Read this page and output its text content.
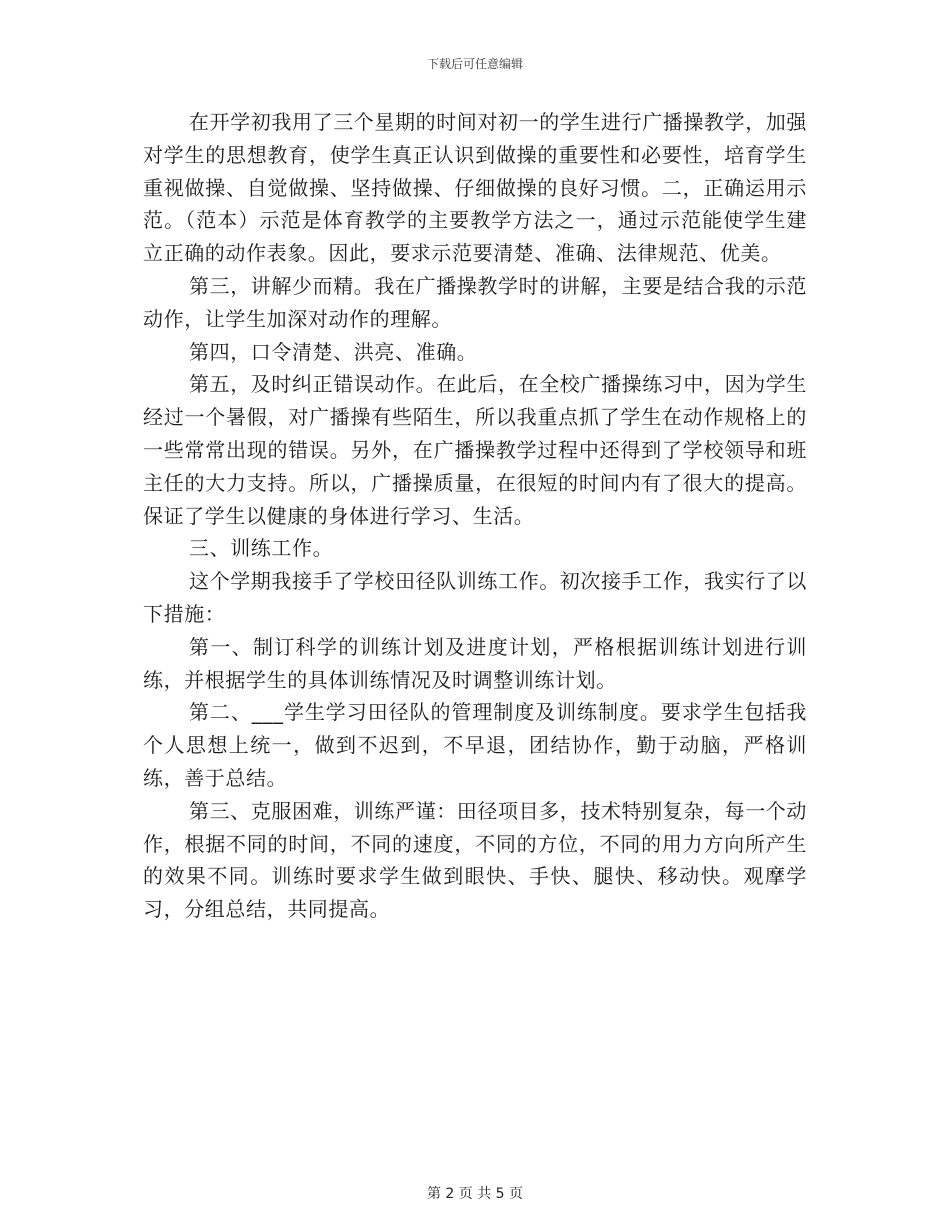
下载后可任意编辑

在开学初我用了三个星期的时间对初一的学生进行广播操教学，加强对学生的思想教育，使学生真正认识到做操的重要性和必要性，培育学生重视做操、自觉做操、坚持做操、仔细做操的良好习惯。二，正确运用示范。（范本）示范是体育教学的主要教学方法之一，通过示范能使学生建立正确的动作表象。因此，要求示范要清楚、准确、法律规范、优美。

第三，讲解少而精。我在广播操教学时的讲解，主要是结合我的示范动作，让学生加深对动作的理解。

第四，口令清楚、洪亮、准确。

第五，及时纠正错误动作。在此后，在全校广播操练习中，因为学生经过一个暑假，对广播操有些陌生，所以我重点抓了学生在动作规格上的一些常常出现的错误。另外，在广播操教学过程中还得到了学校领导和班主任的大力支持。所以，广播操质量，在很短的时间内有了很大的提高。保证了学生以健康的身体进行学习、生活。

三、训练工作。

这个学期我接手了学校田径队训练工作。初次接手工作，我实行了以下措施：

第一、制订科学的训练计划及进度计划，严格根据训练计划进行训练，并根据学生的具体训练情况及时调整训练计划。

第二、___学生学习田径队的管理制度及训练制度。要求学生包括我个人思想上统一，做到不迟到，不早退，团结协作，勤于动脑，严格训练，善于总结。

第三、克服困难，训练严谨：田径项目多，技术特别复杂，每一个动作，根据不同的时间，不同的速度，不同的方位，不同的用力方向所产生的效果不同。训练时要求学生做到眼快、手快、腿快、移动快。观摩学习，分组总结，共同提高。

第 2 页 共 5 页
